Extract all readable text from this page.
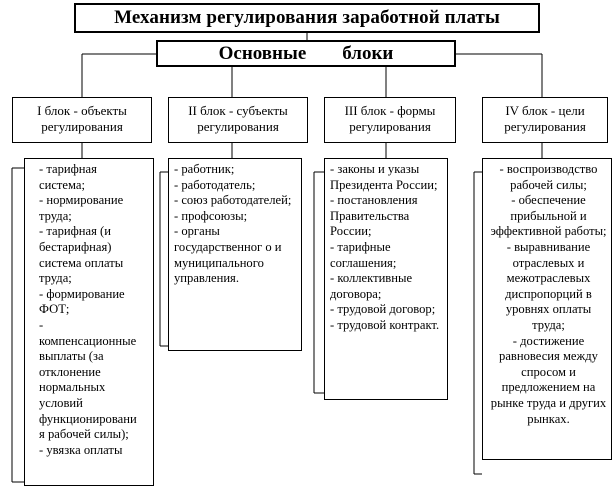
Механизм регулирования заработной платы
Основные блоки
I блок - объекты
регулирования
II блок - субъекты
регулирования
III блок - формы
регулирования
IV блок - цели
регулирования
- тарифная система;
- нормирование труда;
- тарифная (и бестарифная) система оплаты труда;
- формирование ФОТ;
- компенсационные выплаты (за отклонение нормальных условий функционировани я рабочей силы);
- увязка оплаты
- работник;
- работодатель;
- союз работодателей;
- профсоюзы;
- органы государственног о и муниципального управления.
- законы и указы Президента России;
- постановления Правительства России;
- тарифные соглашения;
- коллективные договора;
- трудовой договор;
- трудовой контракт.
- воспроизводство рабочей силы;
- обеспечение прибыльной и эффективной работы;
- выравнивание отраслевых и межотраслевых диспропорций в уровнях оплаты труда;
- достижение равновесия между спросом и предложением на рынке труда и других рынках.
